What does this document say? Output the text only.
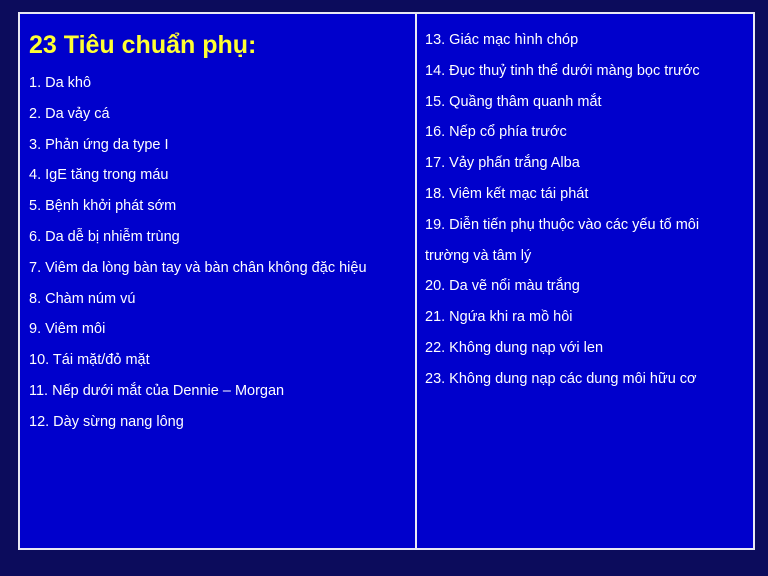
23 Tiêu chuẩn phụ:
1. Da khô
2. Da vảy cá
3. Phản ứng da type I
4. IgE tăng trong máu
5. Bệnh khởi phát sớm
6. Da dễ bị nhiễm trùng
7. Viêm da lòng bàn tay và bàn chân không đặc hiệu
8. Chàm núm vú
9. Viêm môi
10. Tái mặt/đỏ mặt
11. Nếp dưới mắt của Dennie – Morgan
12. Dày sừng nang lông
13. Giác mạc hình chóp
14. Đục thuỷ tinh thể dưới màng bọc trước
15. Quầng thâm quanh mắt
16. Nếp cổ phía trước
17. Vảy phấn trắng Alba
18. Viêm kết mạc tái phát
19. Diễn tiến phụ thuộc vào các yếu tố môi trường và tâm lý
20. Da vẽ nổi màu trắng
21. Ngứa khi ra mồ hôi
22. Không dung nạp với len
23. Không dung nạp các dung môi hữu cơ
